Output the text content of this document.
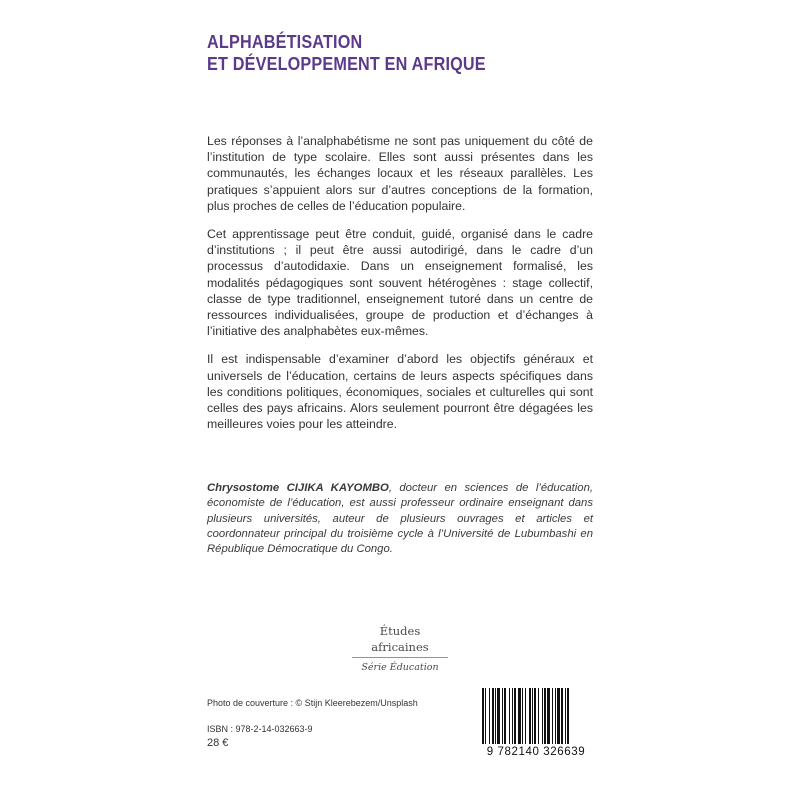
ALPHABÉTISATION
ET DÉVELOPPEMENT EN AFRIQUE

Les réponses à l’analphabétisme ne sont pas uniquement du côté de l’institution de type scolaire. Elles sont aussi présentes dans les communautés, les échanges locaux et les réseaux parallèles. Les pratiques s’appuient alors sur d’autres conceptions de la formation, plus proches de celles de l’éducation populaire.

Cet apprentissage peut être conduit, guidé, organisé dans le cadre d’institutions ; il peut être aussi autodirigé, dans le cadre d’un processus d’autodidaxie. Dans un enseignement formalisé, les modalités pédagogiques sont souvent hétérogènes : stage collectif, classe de type traditionnel, enseignement tutoré dans un centre de ressources individualisées, groupe de production et d’échanges à l’initiative des analphabètes eux-mêmes.

Il est indispensable d’examiner d’abord les objectifs généraux et universels de l’éducation, certains de leurs aspects spécifiques dans les conditions politiques, économiques, sociales et culturelles qui sont celles des pays africains. Alors seulement pourront être dégagées les meilleures voies pour les atteindre.

Chrysostome CIJIKA KAYOMBO, docteur en sciences de l’éducation, économiste de l’éducation, est aussi professeur ordinaire enseignant dans plusieurs universités, auteur de plusieurs ouvrages et articles et coordonnateur principal du troisième cycle à l’Université de Lubumbashi en République Démocratique du Congo.
Études africaines
Série Éducation
Photo de couverture : © Stijn Kleerebezem/Unsplash
ISBN : 978-2-14-032663-9
28 €
9 782140 326639
